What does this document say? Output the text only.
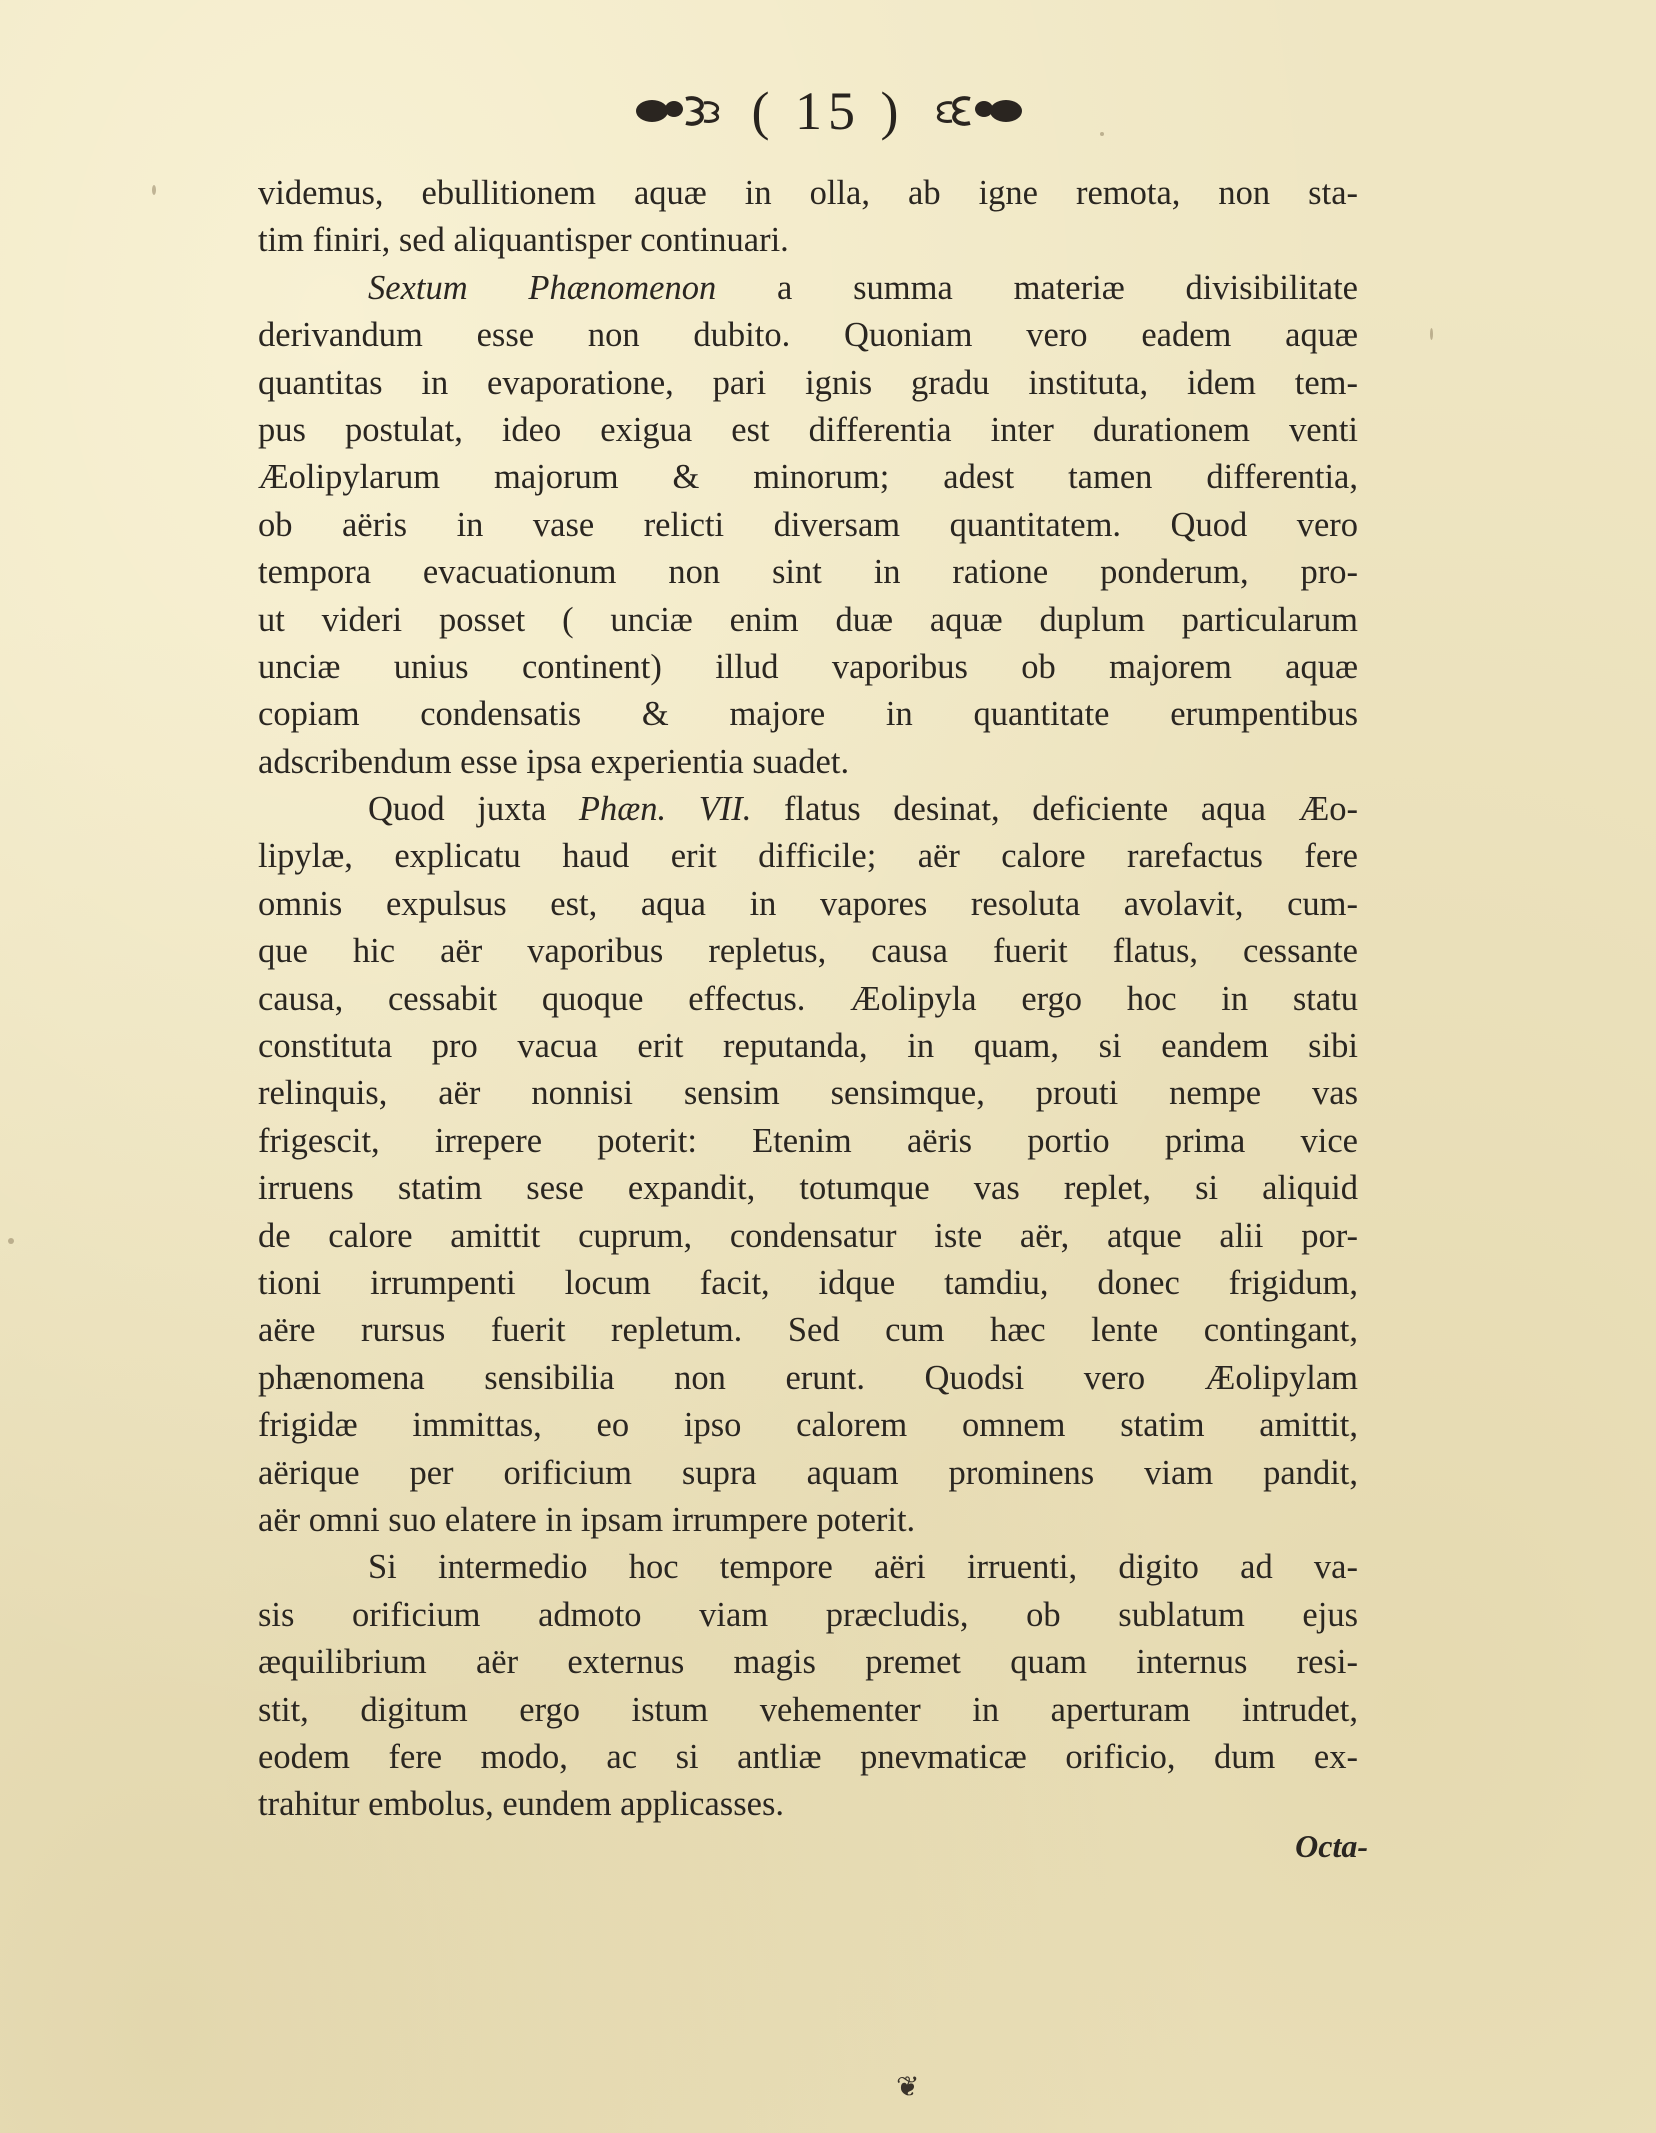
( 15 )
videmus, ebullitionem aquæ in olla, ab igne remota, non sta-
tim finiri, sed aliquantisper continuari.
Sextum Phænomenon a summa materiæ divisibilitate
derivandum esse non dubito. Quoniam vero eadem aquæ
quantitas in evaporatione, pari ignis gradu instituta, idem tem-
pus postulat, ideo exigua est differentia inter durationem venti
Æolipylarum majorum & minorum; adest tamen differentia,
ob aëris in vase relicti diversam quantitatem. Quod vero
tempora evacuationum non sint in ratione ponderum, pro-
ut videri posset ( unciæ enim duæ aquæ duplum particularum
unciæ unius continent) illud vaporibus ob majorem aquæ
copiam condensatis & majore in quantitate erumpentibus
adscribendum esse ipsa experientia suadet.
Quod juxta Phæn. VII. flatus desinat, deficiente aqua Æo-
lipylæ, explicatu haud erit difficile; aër calore rarefactus fere
omnis expulsus est, aqua in vapores resoluta avolavit, cum-
que hic aër vaporibus repletus, causa fuerit flatus, cessante
causa, cessabit quoque effectus. Æolipyla ergo hoc in statu
constituta pro vacua erit reputanda, in quam, si eandem sibi
relinquis, aër nonnisi sensim sensimque, prouti nempe vas
frigescit, irrepere poterit: Etenim aëris portio prima vice
irruens statim sese expandit, totumque vas replet, si aliquid
de calore amittit cuprum, condensatur iste aër, atque alii por-
tioni irrumpenti locum facit, idque tamdiu, donec frigidum,
aëre rursus fuerit repletum. Sed cum hæc lente contingant,
phænomena sensibilia non erunt. Quodsi vero Æolipylam
frigidæ immittas, eo ipso calorem omnem statim amittit,
aërique per orificium supra aquam prominens viam pandit,
aër omni suo elatere in ipsam irrumpere poterit.
Si intermedio hoc tempore aëri irruenti, digito ad va-
sis orificium admoto viam præcludis, ob sublatum ejus
æquilibrium aër externus magis premet quam internus resi-
stit, digitum ergo istum vehementer in aperturam intrudet,
eodem fere modo, ac si antliæ pnevmaticæ orificio, dum ex-
trahitur embolus, eundem applicasses.
Octa-
❦
